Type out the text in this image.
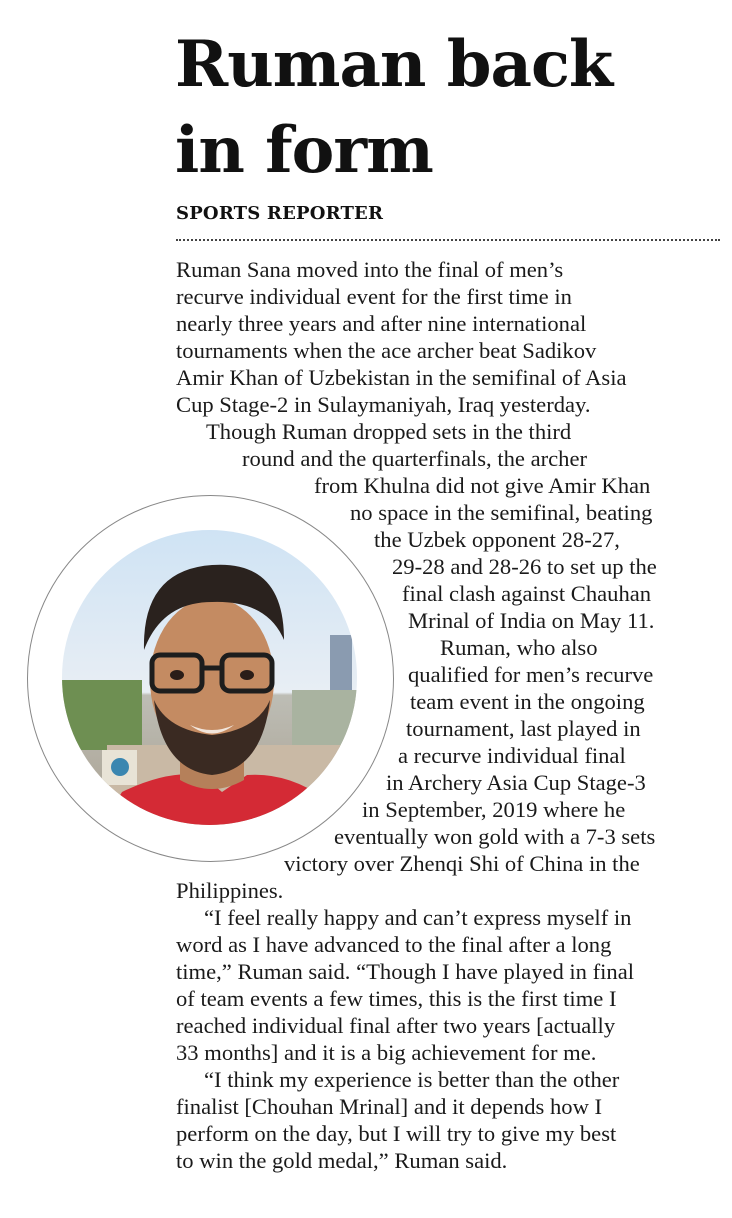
Ruman back
in form
SPORTS REPORTER
Ruman Sana moved into the final of men’s
recurve individual event for the first time in
nearly three years and after nine international
tournaments when the ace archer beat Sadikov
Amir Khan of Uzbekistan in the semifinal of Asia
Cup Stage-2 in Sulaymaniyah, Iraq yesterday.
Though Ruman dropped sets in the third
round and the quarterfinals, the archer
from Khulna did not give Amir Khan
no space in the semifinal, beating
the Uzbek opponent 28-27,
29-28 and 28-26 to set up the
final clash against Chauhan
Mrinal of India on May 11.
Ruman, who also
qualified for men’s recurve
team event in the ongoing
tournament, last played in
a recurve individual final
in Archery Asia Cup Stage-3
in September, 2019 where he
eventually won gold with a 7-3 sets
victory over Zhenqi Shi of China in the
Philippines.
“I feel really happy and can’t express myself in
word as I have advanced to the final after a long
time,” Ruman said. “Though I have played in final
of team events a few times, this is the first time I
reached individual final after two years [actually
33 months] and it is a big achievement for me.
“I think my experience is better than the other
finalist [Chouhan Mrinal] and it depends how I
perform on the day, but I will try to give my best
to win the gold medal,” Ruman said.
